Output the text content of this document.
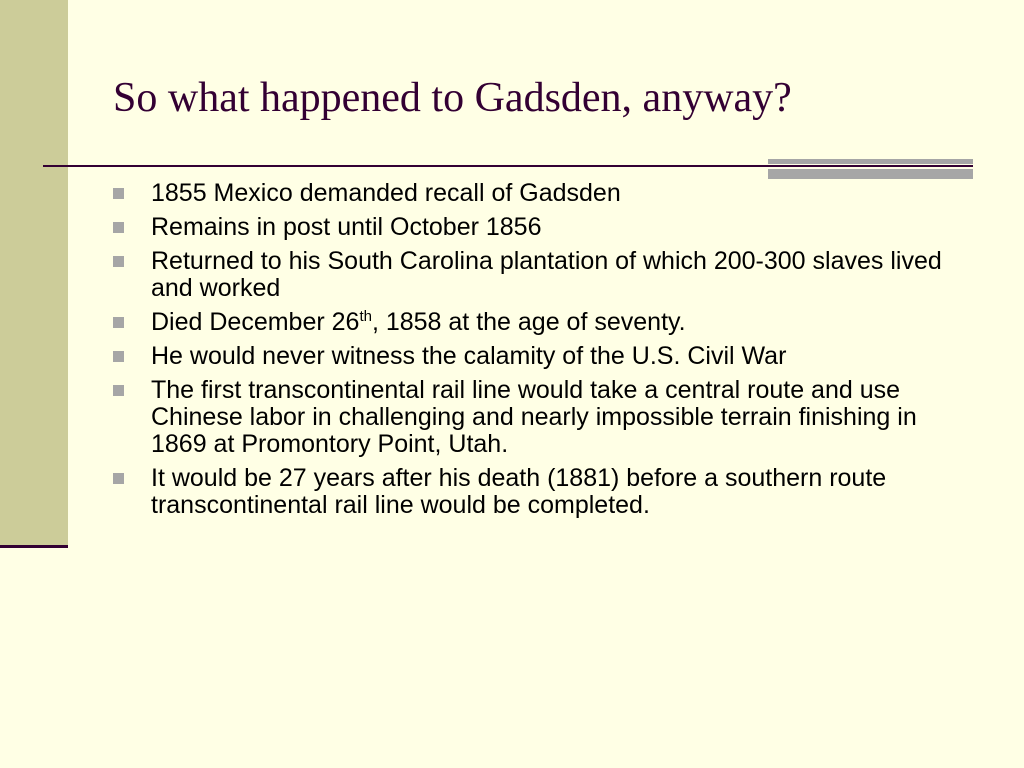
So what happened to Gadsden, anyway?
1855 Mexico demanded recall of Gadsden
Remains in post until October 1856
Returned to his South Carolina plantation of which 200-300 slaves lived and worked
Died December 26th, 1858 at the age of seventy.
He would never witness the calamity of the U.S. Civil War
The first transcontinental rail line would take a central route and use Chinese labor in challenging and nearly impossible terrain finishing in 1869 at Promontory Point, Utah.
It would be 27 years after his death (1881) before a southern route transcontinental rail line would be completed.
